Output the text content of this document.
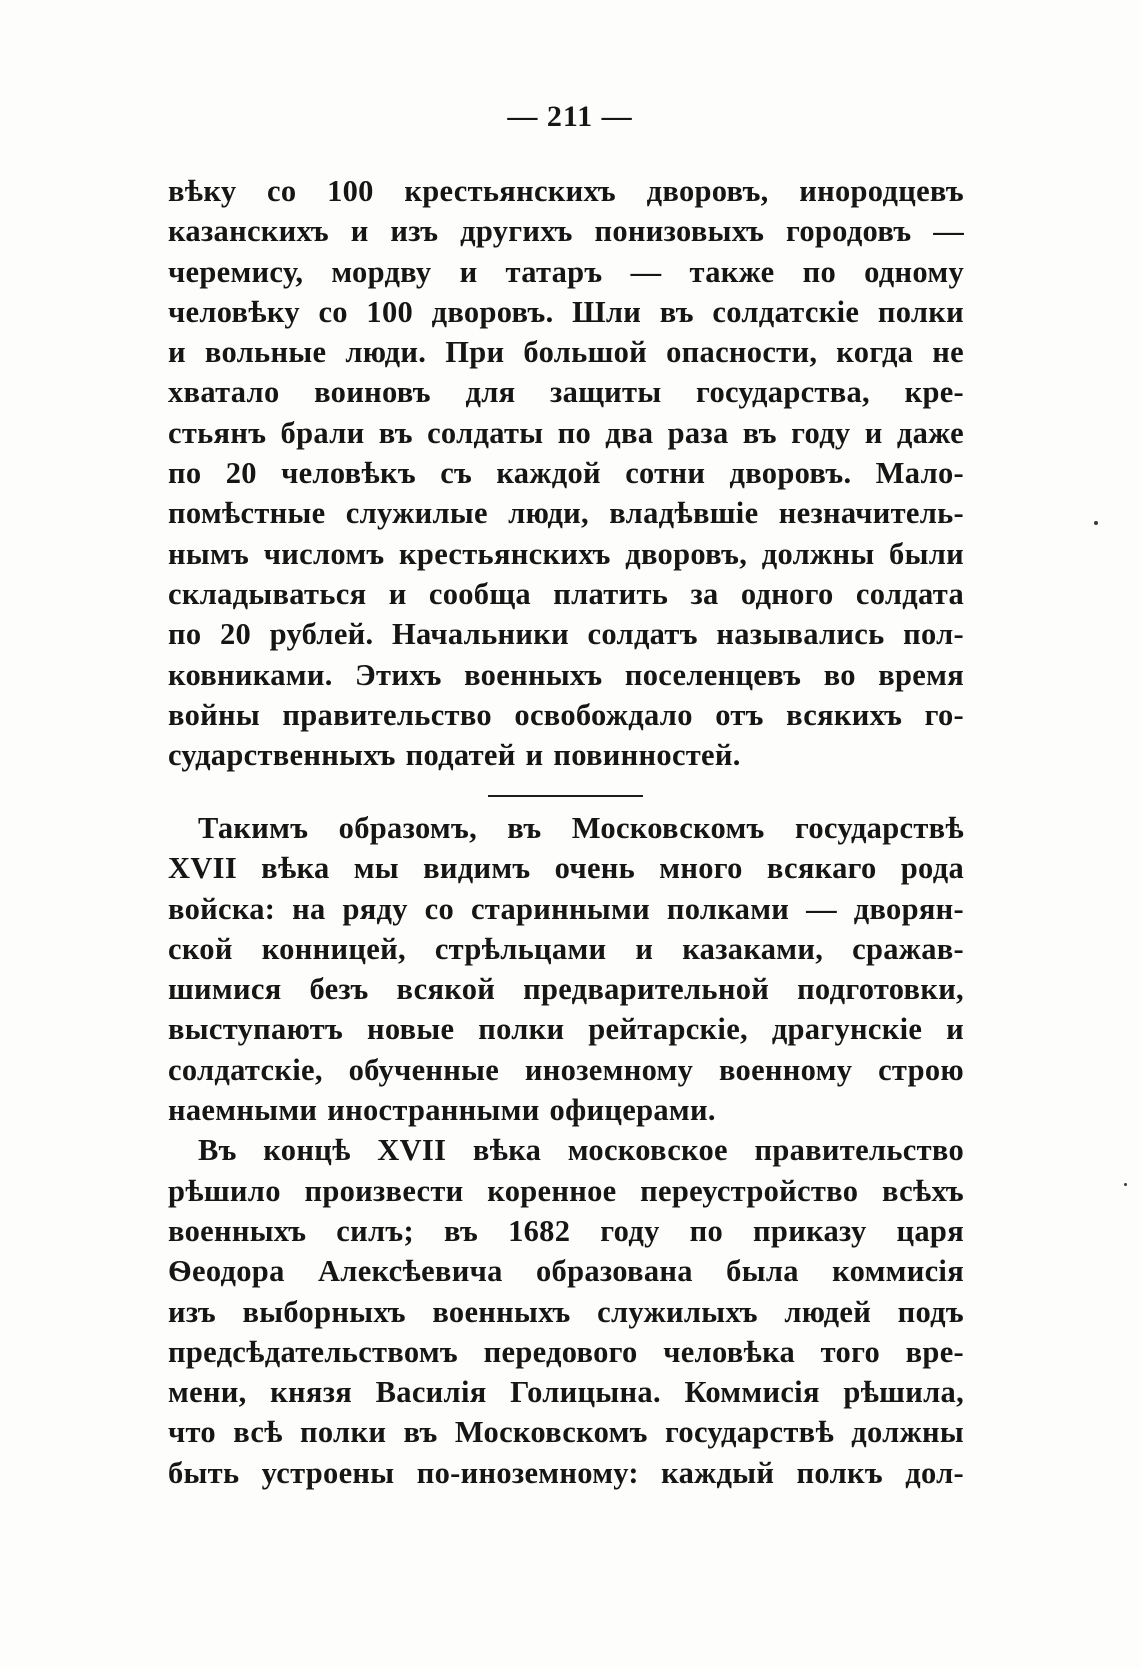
— 211 —
вѣку со 100 крестьянскихъ дворовъ, инородцевъ
казанскихъ и изъ другихъ понизовыхъ городовъ —
черемису, мордву и татаръ — также по одному
человѣку со 100 дворовъ. Шли въ солдатскіе полки
и вольные люди. При большой опасности, когда не
хватало воиновъ для защиты государства, кре-
стьянъ брали въ солдаты по два раза въ году и даже
по 20 человѣкъ съ каждой сотни дворовъ. Мало-
помѣстные служилые люди, владѣвшіе незначитель-
нымъ числомъ крестьянскихъ дворовъ, должны были
складываться и сообща платить за одного солдата
по 20 рублей. Начальники солдатъ назывались пол-
ковниками. Этихъ военныхъ поселенцевъ во время
войны правительство освобождало отъ всякихъ го-
сударственныхъ податей и повинностей.
Такимъ образомъ, въ Московскомъ государствѣ
XVII вѣка мы видимъ очень много всякаго рода
войска: на ряду со старинными полками — дворян-
ской конницей, стрѣльцами и казаками, сражав-
шимися безъ всякой предварительной подготовки,
выступаютъ новые полки рейтарскіе, драгунскіе и
солдатскіе, обученные иноземному военному строю
наемными иностранными офицерами.
Въ концѣ XVII вѣка московское правительство
рѣшило произвести коренное переустройство всѣхъ
военныхъ силъ; въ 1682 году по приказу царя
Ѳеодора Алексѣевича образована была коммисія
изъ выборныхъ военныхъ служилыхъ людей подъ
предсѣдательствомъ передового человѣка того вре-
мени, князя Василія Голицына. Коммисія рѣшила,
что всѣ полки въ Московскомъ государствѣ должны
быть устроены по-иноземному: каждый полкъ дол-
